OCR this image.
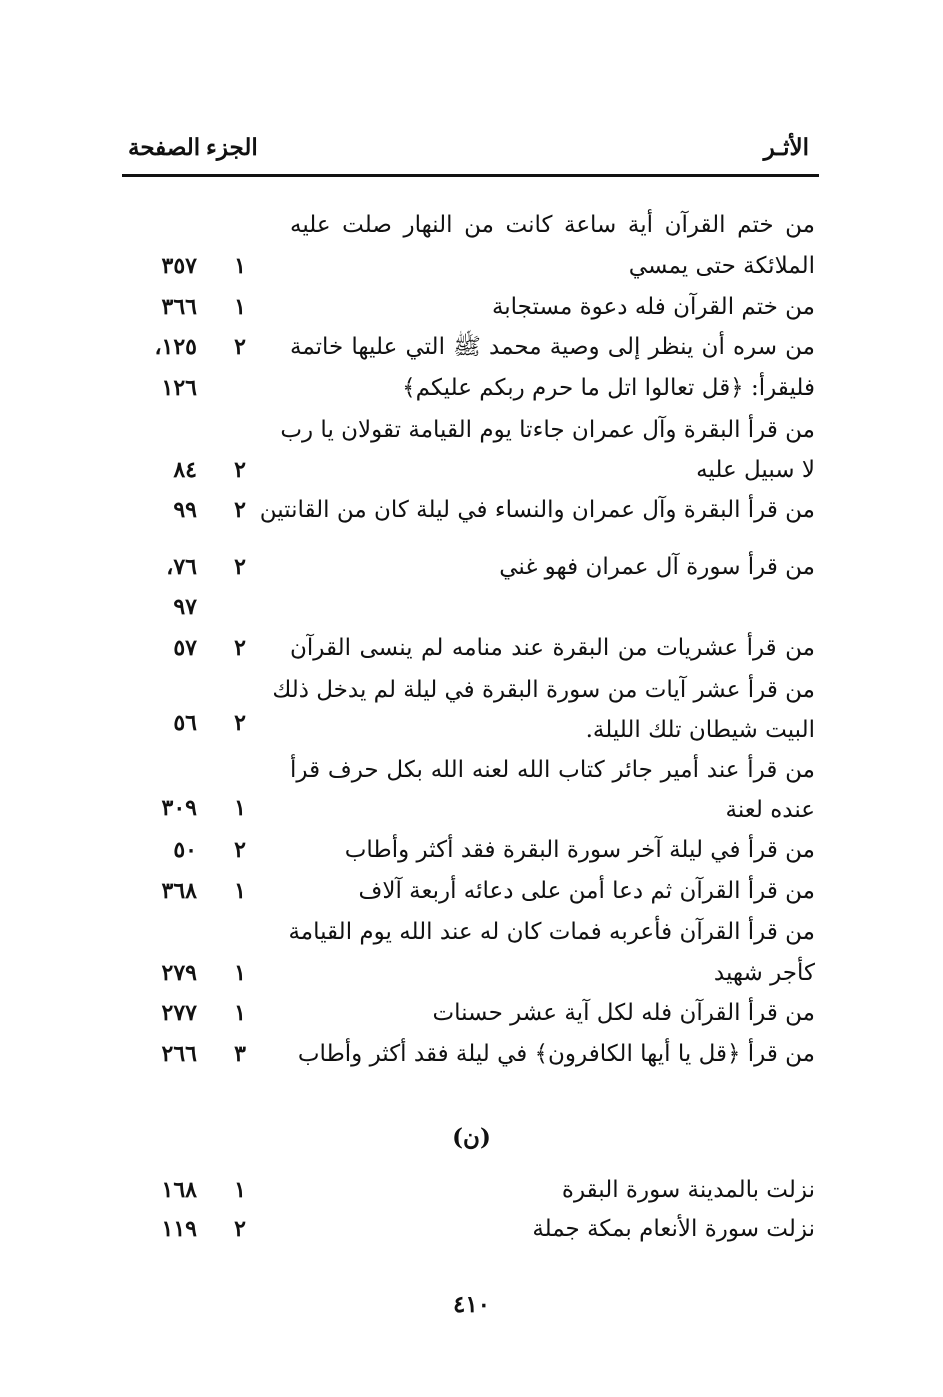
الأثـر
الجزء
الصفحة
من ختم القرآن أية ساعة كانت من النهار صلت عليه
الملائكة حتى يمسي
١
٣٥٧
من ختم القرآن فله دعوة مستجابة
١
٣٦٦
من سره أن ينظر إلى وصية محمد ﷺ التي عليها خاتمة
٢
١٢٥،
فليقرأ: ﴿قل تعالوا اتل ما حرم ربكم عليكم﴾
١٢٦
من قرأ البقرة وآل عمران جاءتا يوم القيامة تقولان يا رب
لا سبيل عليه
٢
٨٤
من قرأ البقرة وآل عمران والنساء في ليلة كان من القانتين
٢
٩٩
من قرأ سورة آل عمران فهو غني
٢
٧٦،
٩٧
من قرأ عشريات من البقرة عند منامه لم ينسى القرآن
٢
٥٧
من قرأ عشر آيات من سورة البقرة في ليلة لم يدخل ذلك
البيت شيطان تلك الليلة.
٢
٥٦
من قرأ عند أمير جائر كتاب الله لعنه الله بكل حرف قرأ
عنده لعنة
١
٣٠٩
من قرأ في ليلة آخر سورة البقرة فقد أكثر وأطاب
٢
٥٠
من قرأ القرآن ثم دعا أمن على دعائه أربعة آلاف
١
٣٦٨
من قرأ القرآن فأعربه فمات كان له عند الله يوم القيامة
كأجر شهيد
١
٢٧٩
من قرأ القرآن فله لكل آية عشر حسنات
١
٢٧٧
من قرأ ﴿قل يا أيها الكافرون﴾ في ليلة فقد أكثر وأطاب
٣
٢٦٦
(ن)
نزلت بالمدينة سورة البقرة
١
١٦٨
نزلت سورة الأنعام بمكة جملة
٢
١١٩
٤١٠
